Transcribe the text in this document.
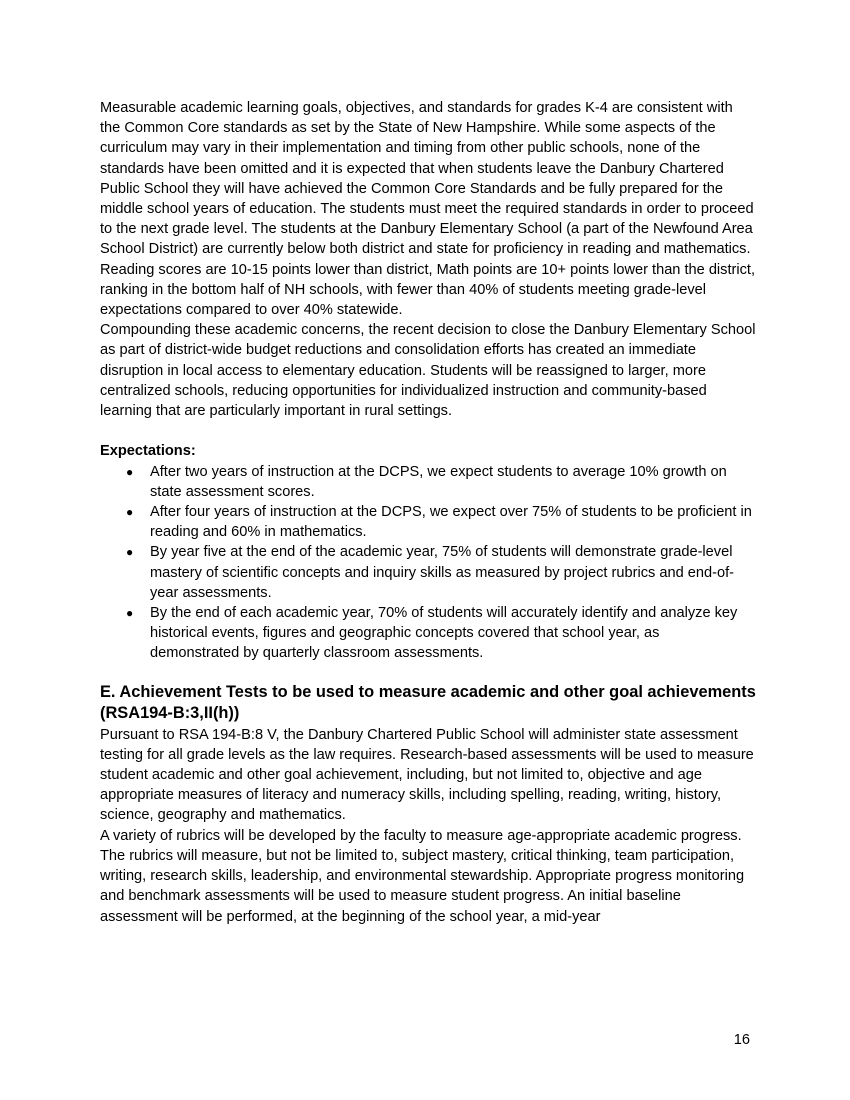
Measurable academic learning goals, objectives, and standards for grades K-4 are consistent with the Common Core standards as set by the State of New Hampshire. While some aspects of the curriculum may vary in their implementation and timing from other public schools, none of the standards have been omitted and it is expected that when students leave the Danbury Chartered Public School they will have achieved the Common Core Standards and be fully prepared for the middle school years of education. The students must meet the required standards in order to proceed to the next grade level. The students at the Danbury Elementary School (a part of the Newfound Area School District) are currently below both district and state for proficiency in reading and mathematics. Reading scores are 10-15 points lower than district, Math points are 10+ points lower than the district, ranking in the bottom half of NH schools, with fewer than 40% of students meeting grade-level expectations compared to over 40% statewide.

Compounding these academic concerns, the recent decision to close the Danbury Elementary School as part of district-wide budget reductions and consolidation efforts has created an immediate disruption in local access to elementary education. Students will be reassigned to larger, more centralized schools, reducing opportunities for individualized instruction and community-based learning that are particularly important in rural settings.

Expectations:
● After two years of instruction at the DCPS, we expect students to average 10% growth on state assessment scores.
● After four years of instruction at the DCPS, we expect over 75% of students to be proficient in reading and 60% in mathematics.
● By year five at the end of the academic year, 75% of students will demonstrate grade-level mastery of scientific concepts and inquiry skills as measured by project rubrics and end-of-year assessments.
● By the end of each academic year, 70% of students will accurately identify and analyze key historical events, figures and geographic concepts covered that school year, as demonstrated by quarterly classroom assessments.
E. Achievement Tests to be used to measure academic and other goal achievements (RSA194-B:3,II(h))

Pursuant to RSA 194-B:8 V, the Danbury Chartered Public School will administer state assessment testing for all grade levels as the law requires. Research-based assessments will be used to measure student academic and other goal achievement, including, but not limited to, objective and age appropriate measures of literacy and numeracy skills, including spelling, reading, writing, history, science, geography and mathematics.

A variety of rubrics will be developed by the faculty to measure age-appropriate academic progress. The rubrics will measure, but not be limited to, subject mastery, critical thinking, team participation, writing, research skills, leadership, and environmental stewardship. Appropriate progress monitoring and benchmark assessments will be used to measure student progress. An initial baseline assessment will be performed, at the beginning of the school year, a mid-year

16
